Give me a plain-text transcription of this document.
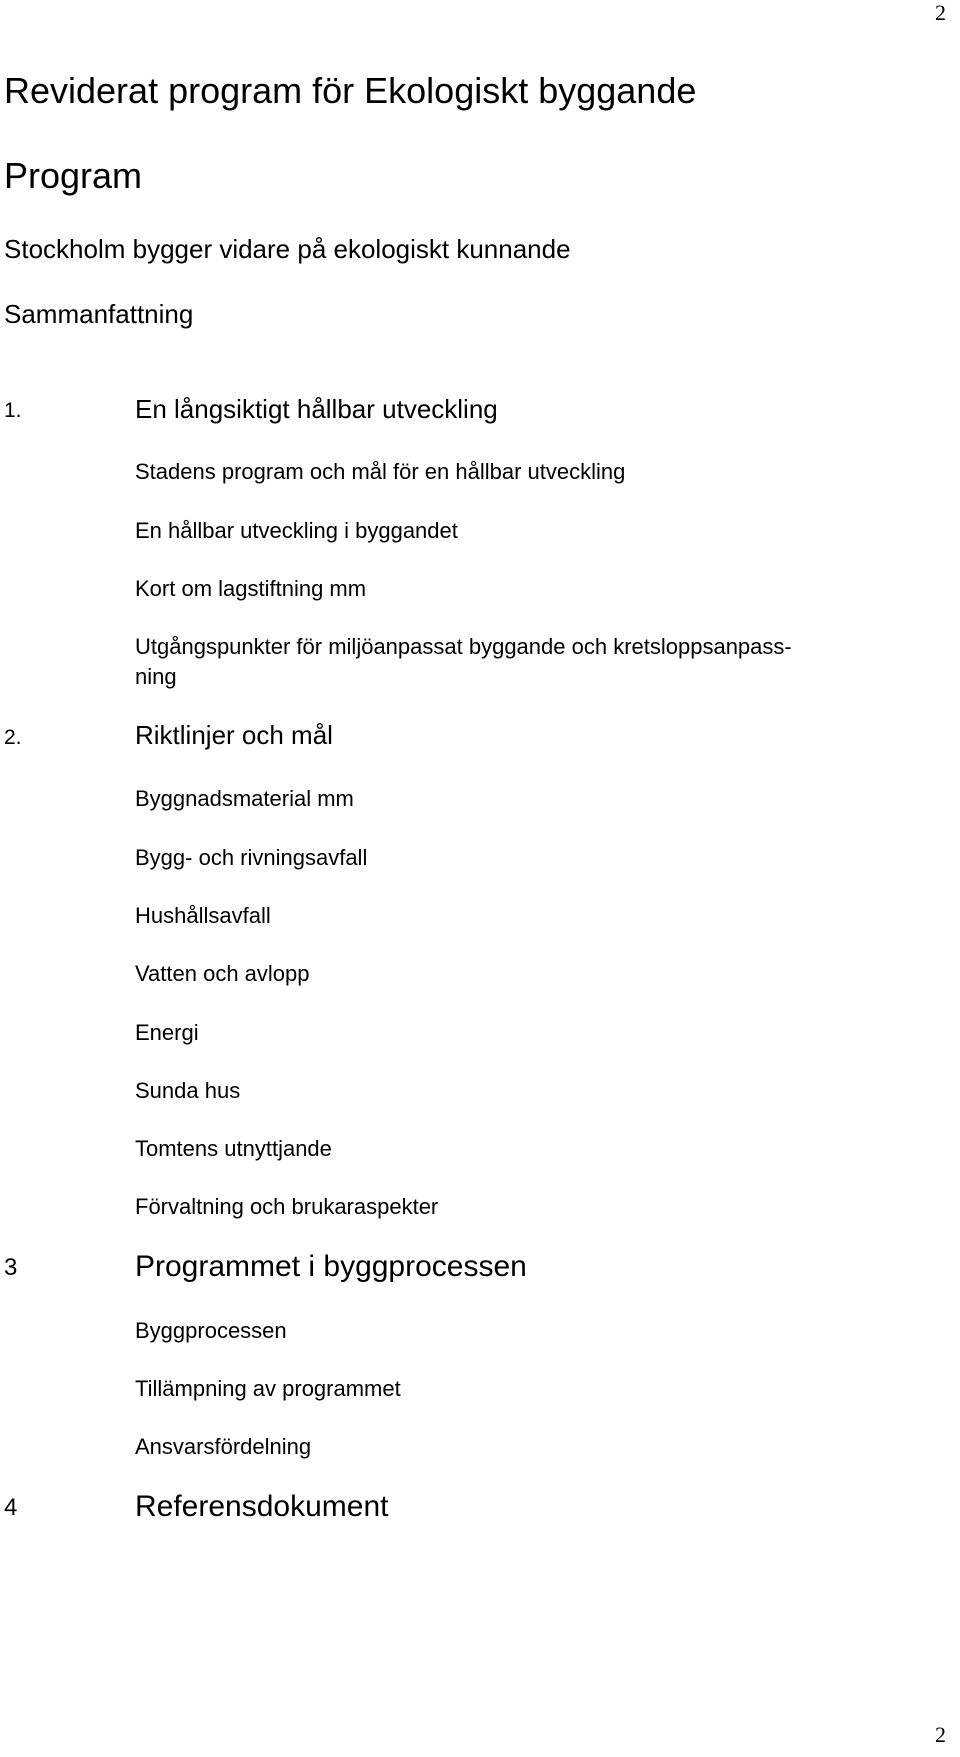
2
Reviderat program för Ekologiskt byggande
Program
Stockholm bygger vidare på ekologiskt kunnande
Sammanfattning
1.	En långsiktigt hållbar utveckling
Stadens program och mål för en hållbar utveckling
En hållbar utveckling i byggandet
Kort om lagstiftning mm
Utgångspunkter för miljöanpassat byggande och kretsloppsanpass-
ning
2.	Riktlinjer och mål
Byggnadsmaterial mm
Bygg- och rivningsavfall
Hushållsavfall
Vatten och avlopp
Energi
Sunda hus
Tomtens utnyttjande
Förvaltning och brukaraspekter
3	Programmet i byggprocessen
Byggprocessen
Tillämpning av programmet
Ansvarsfördelning
4	Referensdokument
2
